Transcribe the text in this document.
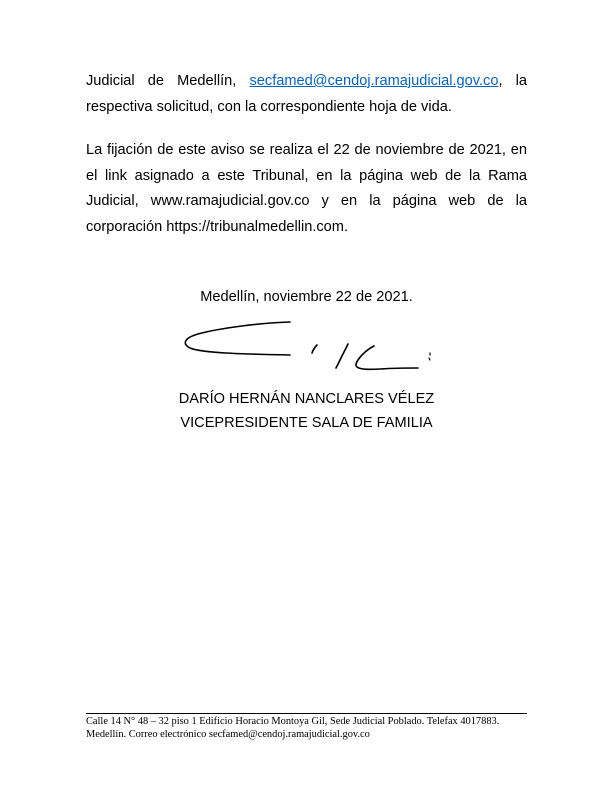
Judicial de Medellín, secfamed@cendoj.ramajudicial.gov.co, la respectiva solicitud, con la correspondiente hoja de vida.

La fijación de este aviso se realiza el 22 de noviembre de 2021, en el link asignado a este Tribunal, en la página web de la Rama Judicial, www.ramajudicial.gov.co y en la página web de la corporación https://tribunalmedellin.com.

Medellín, noviembre 22 de 2021.
DARÍO HERNÁN NANCLARES VÉLEZ
VICEPRESIDENTE SALA DE FAMILIA
Calle 14 N° 48 – 32 piso 1 Edificio Horacio Montoya Gil, Sede Judicial Poblado. Telefax 4017883.
Medellín. Correo electrónico secfamed@cendoj.ramajudicial.gov.co
